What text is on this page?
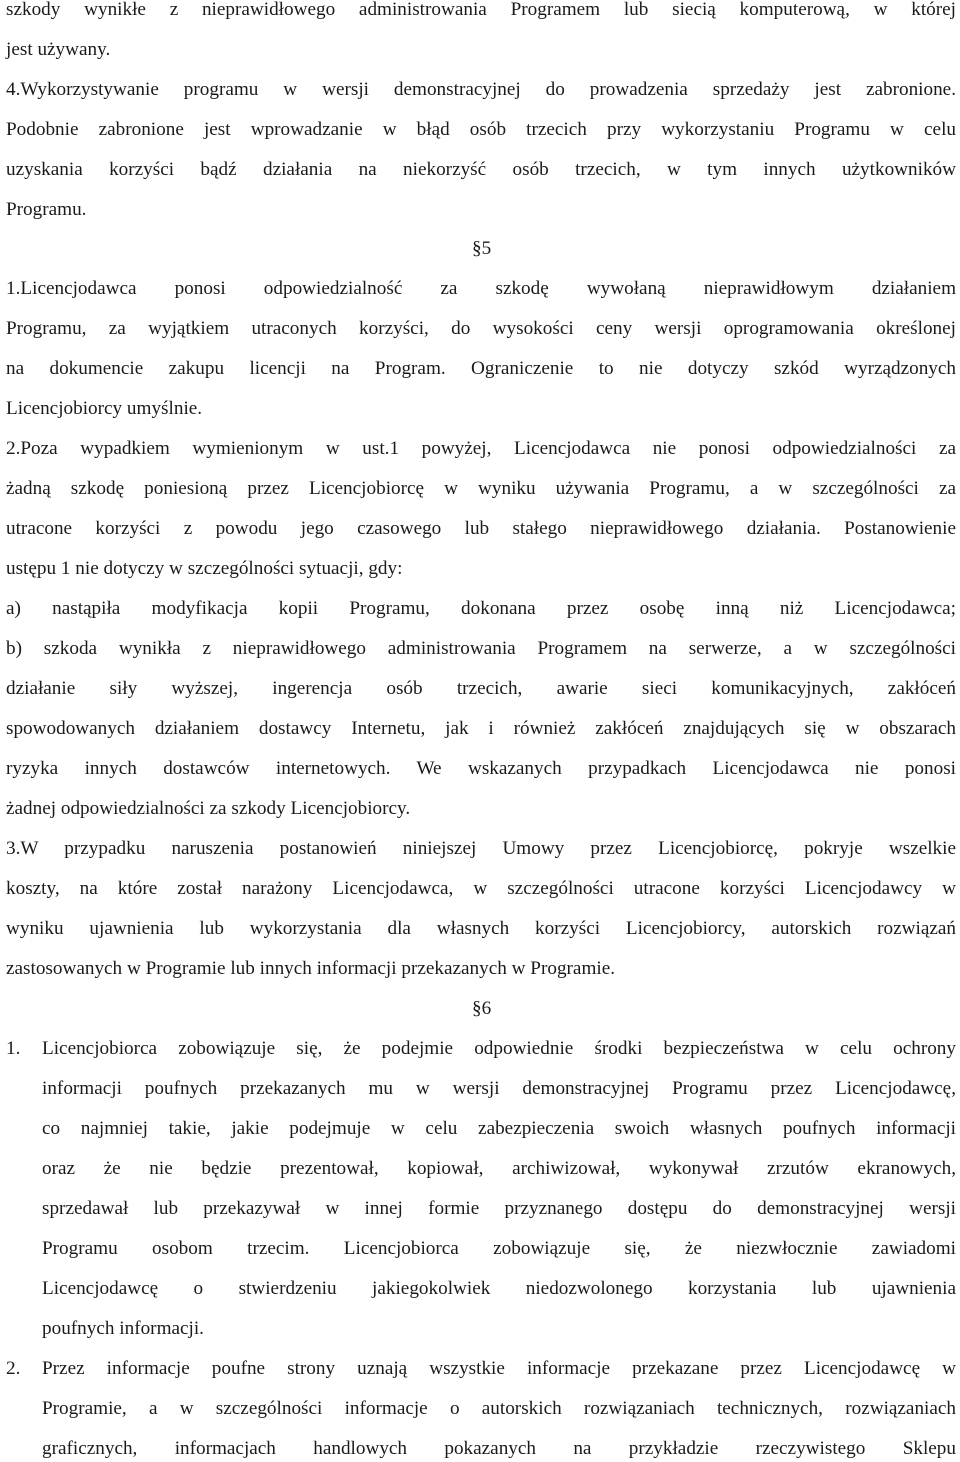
szkody wynikłe z nieprawidłowego administrowania Programem lub siecią komputerową, w której
jest używany.
4.Wykorzystywanie programu w wersji demonstracyjnej do prowadzenia sprzedaży jest zabronione.
Podobnie zabronione jest wprowadzanie w błąd osób trzecich przy wykorzystaniu Programu w celu
uzyskania korzyści bądź działania na niekorzyść osób trzecich, w tym innych użytkowników
Programu.
§5
1.Licencjodawca ponosi odpowiedzialność za szkodę wywołaną nieprawidłowym działaniem
Programu, za wyjątkiem utraconych korzyści, do wysokości ceny wersji oprogramowania określonej
na dokumencie zakupu licencji na Program. Ograniczenie to nie dotyczy szkód wyrządzonych
Licencjobiorcy umyślnie.
2.Poza wypadkiem wymienionym w ust.1 powyżej, Licencjodawca nie ponosi odpowiedzialności za
żadną szkodę poniesioną przez Licencjobiorcę w wyniku używania Programu, a w szczególności za
utracone korzyści z powodu jego czasowego lub stałego nieprawidłowego działania. Postanowienie
ustępu 1 nie dotyczy w szczególności sytuacji, gdy:
a) nastąpiła modyfikacja kopii Programu, dokonana przez osobę inną niż Licencjodawca;
b) szkoda wynikła z nieprawidłowego administrowania Programem na serwerze, a w szczególności
działanie siły wyższej, ingerencja osób trzecich, awarie sieci komunikacyjnych, zakłóceń
spowodowanych działaniem dostawcy Internetu, jak i również zakłóceń znajdujących się w obszarach
ryzyka innych dostawców internetowych. We wskazanych przypadkach Licencjodawca nie ponosi
żadnej odpowiedzialności za szkody Licencjobiorcy.
3.W przypadku naruszenia postanowień niniejszej Umowy przez Licencjobiorcę, pokryje wszelkie
koszty, na które został narażony Licencjodawca, w szczególności utracone korzyści Licencjodawcy w
wyniku ujawnienia lub wykorzystania dla własnych korzyści Licencjobiorcy, autorskich rozwiązań
zastosowanych w Programie lub innych informacji przekazanych w Programie.
§6
1. Licencjobiorca zobowiązuje się, że podejmie odpowiednie środki bezpieczeństwa w celu ochrony
informacji poufnych przekazanych mu w wersji demonstracyjnej Programu przez Licencjodawcę,
co najmniej takie, jakie podejmuje w celu zabezpieczenia swoich własnych poufnych informacji
oraz że nie będzie prezentował, kopiował, archiwizował, wykonywał zrzutów ekranowych,
sprzedawał lub przekazywał w innej formie przyznanego dostępu do demonstracyjnej wersji
Programu osobom trzecim. Licencjobiorca zobowiązuje się, że niezwłocznie zawiadomi
Licencjodawcę o stwierdzeniu jakiegokolwiek niedozwolonego korzystania lub ujawnienia
poufnych informacji.
2. Przez informacje poufne strony uznają wszystkie informacje przekazane przez Licencjodawcę w
Programie, a w szczególności informacje o autorskich rozwiązaniach technicznych, rozwiązaniach
graficznych, informacjach handlowych pokazanych na przykładzie rzeczywistego Sklepu
